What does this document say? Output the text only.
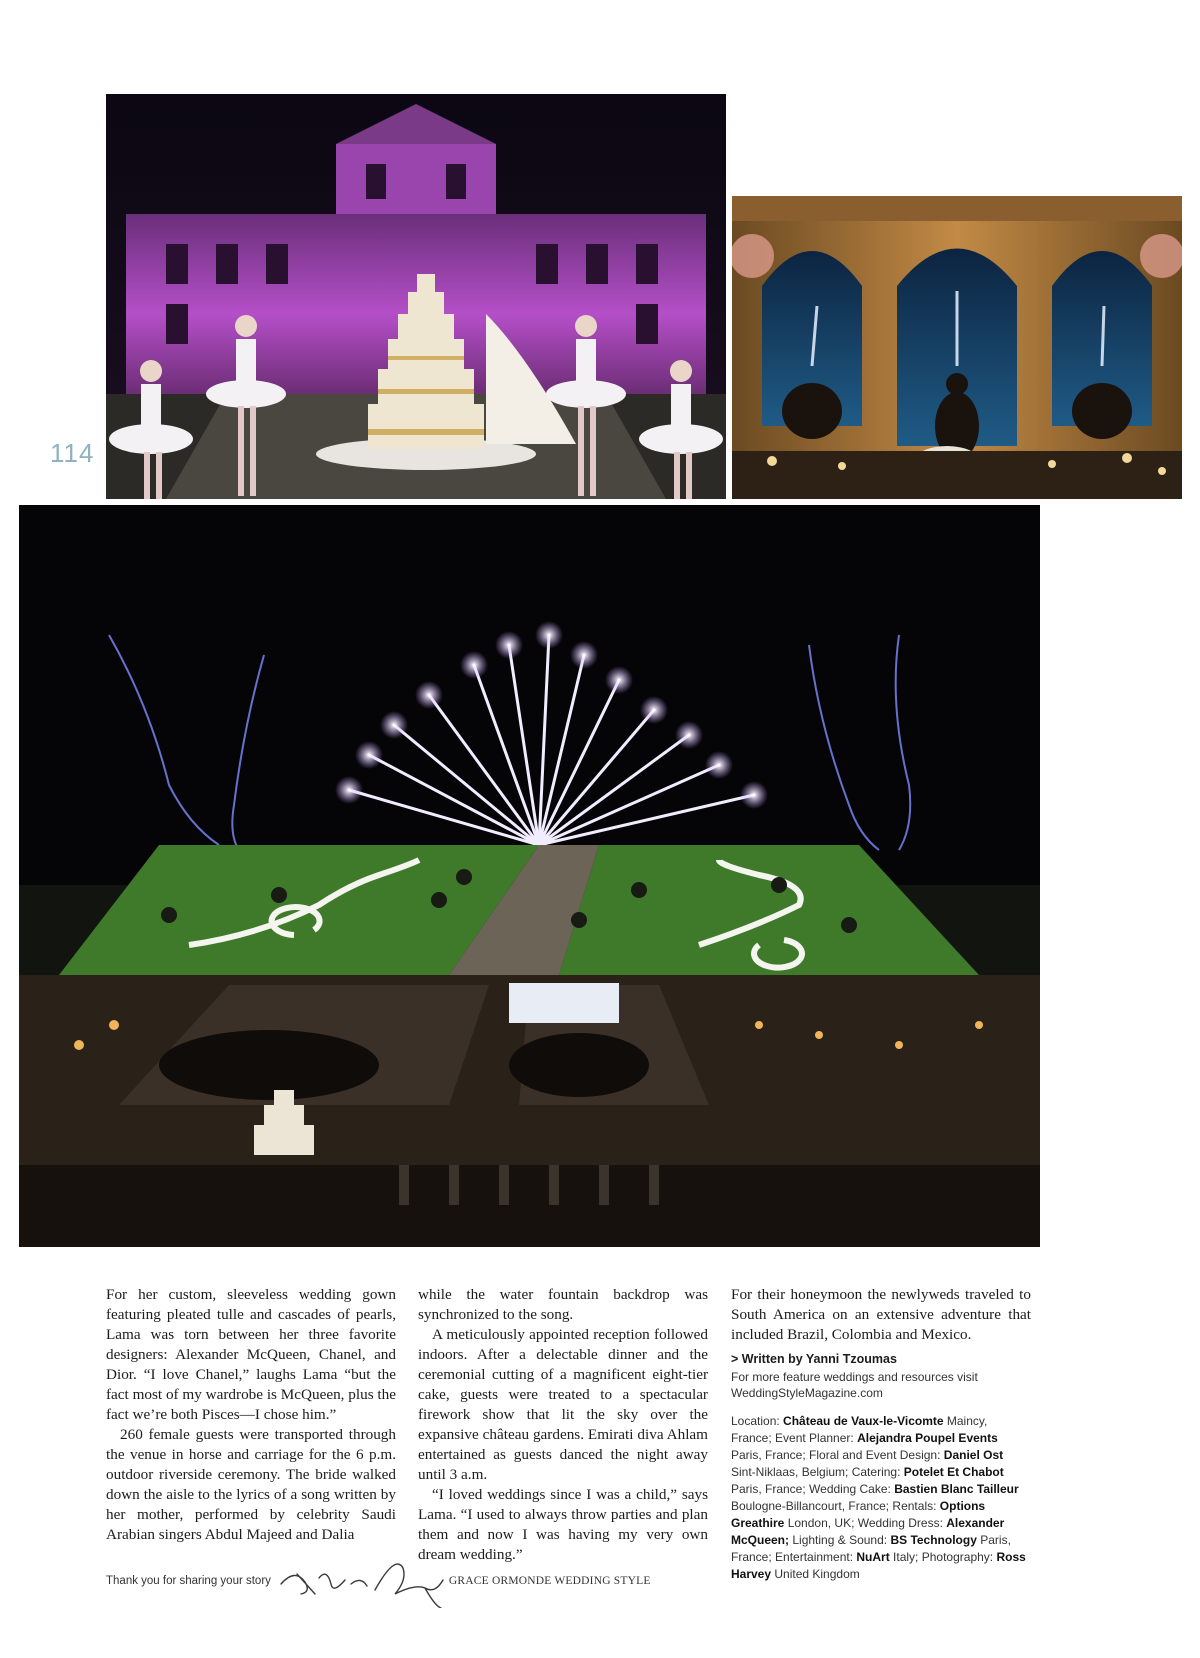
114

For her custom, sleeveless wedding gown featuring pleated tulle and cascades of pearls, Lama was torn between her three favorite designers: Alexander McQueen, Chanel, and Dior. “I love Chanel,” laughs Lama “but the fact most of my wardrobe is McQueen, plus the fact we’re both Pisces—I chose him.”

260 female guests were transported through the venue in horse and carriage for the 6 p.m. outdoor riverside ceremony. The bride walked down the aisle to the lyrics of a song written by her mother, performed by celebrity Saudi Arabian singers Abdul Majeed and Dalia

while the water fountain backdrop was synchronized to the song.

A meticulously appointed reception followed indoors. After a delectable dinner and the ceremonial cutting of a magnificent eight-tier cake, guests were treated to a spectacular firework show that lit the sky over the expansive château gardens. Emirati diva Ahlam entertained as guests danced the night away until 3 a.m.

“I loved weddings since I was a child,” says Lama. “I used to always throw parties and plan them and now I was having my very own dream wedding.”

For their honeymoon the newlyweds traveled to South America on an extensive adventure that included Brazil, Colombia and Mexico.

> Written by Yanni Tzoumas
For more feature weddings and resources visit WeddingStyleMagazine.com
Location: Château de Vaux-le-Vicomte Maincy, France; Event Planner: Alejandra Poupel Events Paris, France; Floral and Event Design: Daniel Ost Sint-Niklaas, Belgium; Catering: Potelet Et Chabot Paris, France; Wedding Cake: Bastien Blanc Tailleur Boulogne-Billancourt, France; Rentals: Options Greathire London, UK; Wedding Dress: Alexander McQueen; Lighting & Sound: BS Technology Paris, France; Entertainment: NuArt Italy; Photography: Ross Harvey United Kingdom
Thank you for sharing your story	GRACE ORMONDE WEDDING STYLE
